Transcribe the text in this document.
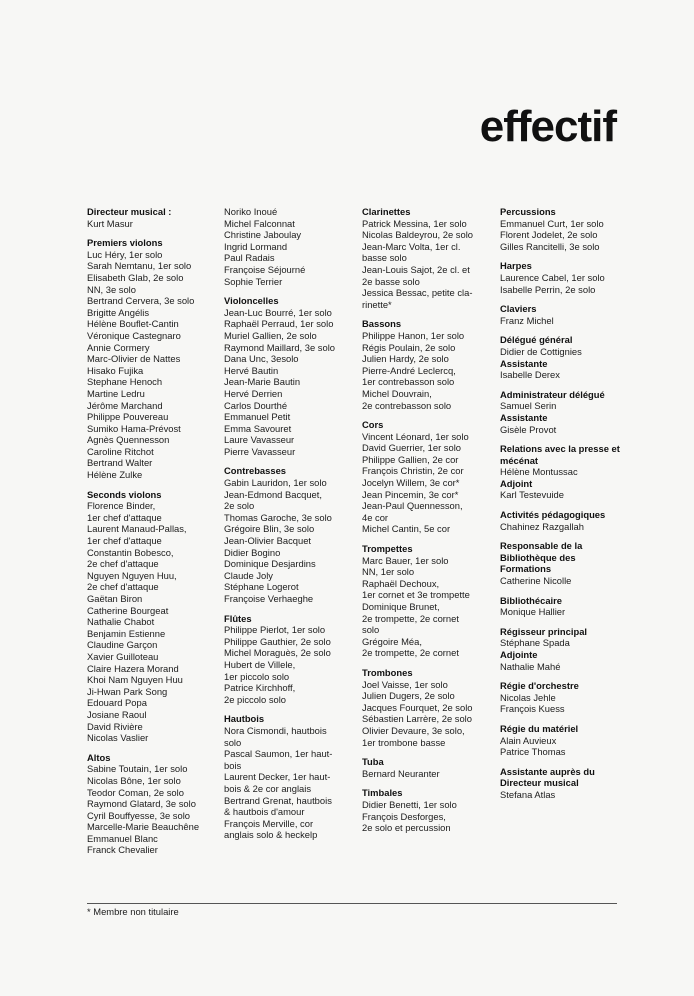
effectif
Directeur musical :
Kurt Masur
Premiers violons
Luc Héry, 1er solo
Sarah Nemtanu, 1er solo
Elisabeth Glab, 2e solo
NN, 3e solo
Bertrand Cervera, 3e solo
Brigitte Angélis
Hélène Bouflet-Cantin
Véronique Castegnaro
Annie Cormery
Marc-Olivier de Nattes
Hisako Fujika
Stephane Henoch
Martine Ledru
Jérôme Marchand
Philippe Pouvereau
Sumiko Hama-Prévost
Agnès Quennesson
Caroline Ritchot
Bertrand Walter
Hélène Zulke
Seconds violons
Florence Binder,
1er chef d'attaque
Laurent Manaud-Pallas,
1er chef d'attaque
Constantin Bobesco,
2e chef d'attaque
Nguyen Nguyen Huu,
2e chef d'attaque
Gaëtan Biron
Catherine Bourgeat
Nathalie Chabot
Benjamin Estienne
Claudine Garçon
Xavier Guilloteau
Claire Hazera Morand
Khoi Nam Nguyen Huu
Ji-Hwan Park Song
Edouard Popa
Josiane Raoul
David Rivière
Nicolas Vaslier
Altos
Sabine Toutain, 1er solo
Nicolas Bône, 1er solo
Teodor Coman, 2e solo
Raymond Glatard, 3e solo
Cyril Bouffyesse, 3e solo
Marcelle-Marie Beauchêne
Emmanuel Blanc
Franck Chevalier
Noriko Inoué
Michel Falconnat
Christine Jaboulay
Ingrid Lormand
Paul Radais
Françoise Séjourné
Sophie Terrier
Violoncelles
Jean-Luc Bourré, 1er solo
Raphaël Perraud, 1er solo
Muriel Gallien, 2e solo
Raymond Maillard, 3e solo
Dana Unc, 3esolo
Hervé Bautin
Jean-Marie Bautin
Hervé Derrien
Carlos Dourthé
Emmanuel Petit
Emma Savouret
Laure Vavasseur
Pierre Vavasseur
Contrebasses
Gabin Lauridon, 1er solo
Jean-Edmond Bacquet,
2e solo
Thomas Garoche, 3e solo
Grégoire Blin, 3e solo
Jean-Olivier Bacquet
Didier Bogino
Dominique Desjardins
Claude Joly
Stéphane Logerot
Françoise Verhaeghe
Flûtes
Philippe Pierlot, 1er solo
Philippe Gauthier, 2e solo
Michel Moraguès, 2e solo
Hubert de Villele,
1er piccolo solo
Patrice Kirchhoff,
2e piccolo solo
Hautbois
Nora Cismondi, hautbois
solo
Pascal Saumon, 1er haut-
bois
Laurent Decker, 1er haut-
bois & 2e cor anglais
Bertrand Grenat, hautbois
& hautbois d'amour
François Merville, cor
anglais solo & heckelp
Clarinettes
Patrick Messina, 1er solo
Nicolas Baldeyrou, 2e solo
Jean-Marc Volta, 1er cl.
basse solo
Jean-Louis Sajot, 2e cl. et
2e basse solo
Jessica Bessac, petite cla-
rinette*
Bassons
Philippe Hanon, 1er solo
Régis Poulain, 2e solo
Julien Hardy, 2e solo
Pierre-André Leclercq,
1er contrebasson solo
Michel Douvrain,
2e contrebasson solo
Cors
Vincent Léonard, 1er solo
David Guerrier, 1er solo
Philippe Gallien, 2e cor
François Christin, 2e cor
Jocelyn Willem, 3e cor*
Jean Pincemin, 3e cor*
Jean-Paul Quennesson,
4e cor
Michel Cantin, 5e cor
Trompettes
Marc Bauer, 1er solo
NN, 1er solo
Raphaël Dechoux,
1er cornet et 3e trompette
Dominique Brunet,
2e trompette, 2e cornet
solo
Grégoire Méa,
2e trompette, 2e cornet
Trombones
Joel Vaisse, 1er solo
Julien Dugers, 2e solo
Jacques Fourquet, 2e solo
Sébastien Larrère, 2e solo
Olivier Devaure, 3e solo,
1er trombone basse
Tuba
Bernard Neuranter
Timbales
Didier Benetti, 1er solo
François Desforges,
2e solo et percussion
Percussions
Emmanuel Curt, 1er solo
Florent Jodelet, 2e solo
Gilles Rancitelli, 3e solo
Harpes
Laurence Cabel, 1er solo
Isabelle Perrin, 2e solo
Claviers
Franz Michel
Délégué général
Didier de Cottignies
Assistante
Isabelle Derex
Administrateur délégué
Samuel Serin
Assistante
Gisèle Provot
Relations avec la presse et mécénat
Hélène Montussac
Adjoint
Karl Testevuide
Activités pédagogiques
Chahinez Razgallah
Responsable de la Bibliothèque des Formations
Catherine Nicolle
Bibliothécaire
Monique Hallier
Régisseur principal
Stéphane Spada
Adjointe
Nathalie Mahé
Régie d'orchestre
Nicolas Jehle
François Kuess
Régie du matériel
Alain Auvieux
Patrice Thomas
Assistante auprès du Directeur musical
Stefana Atlas
* Membre non titulaire
